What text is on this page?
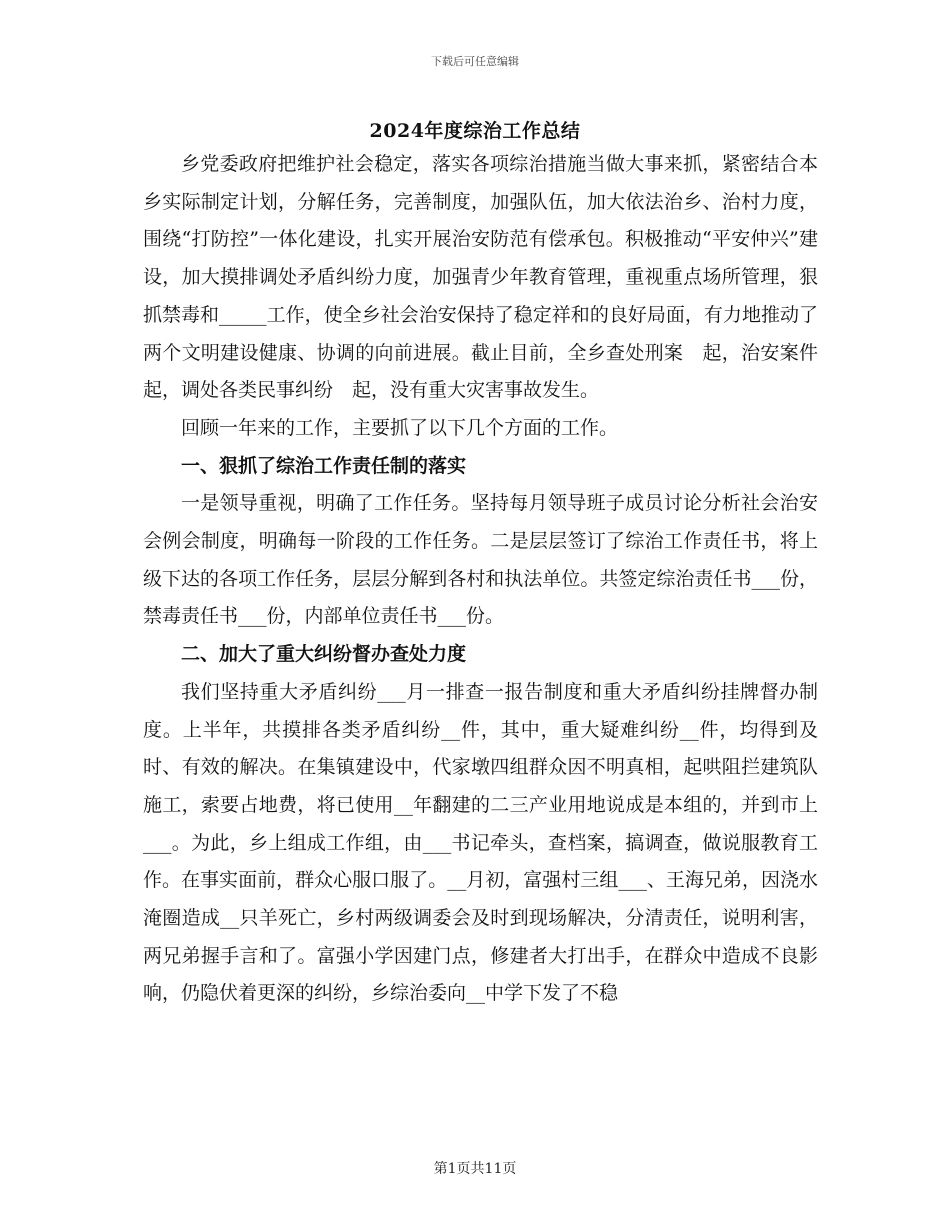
下载后可任意编辑
2024年度综治工作总结

乡党委政府把维护社会稳定，落实各项综治措施当做大事来抓，紧密结合本乡实际制定计划，分解任务，完善制度，加强队伍，加大依法治乡、治村力度，围绕“打防控”一体化建设，扎实开展治安防范有偿承包。积极推动“平安仲兴”建设，加大摸排调处矛盾纠纷力度，加强青少年教育管理，重视重点场所管理，狠抓禁毒和_____工作，使全乡社会治安保持了稳定祥和的良好局面，有力地推动了两个文明建设健康、协调的向前进展。截止目前，全乡查处刑案　起，治安案件　起，调处各类民事纠纷　起，没有重大灾害事故发生。

回顾一年来的工作，主要抓了以下几个方面的工作。

一、狠抓了综治工作责任制的落实

一是领导重视，明确了工作任务。坚持每月领导班子成员讨论分析社会治安会例会制度，明确每一阶段的工作任务。二是层层签订了综治工作责任书，将上级下达的各项工作任务，层层分解到各村和执法单位。共签定综治责任书___份，禁毒责任书___份，内部单位责任书___份。

二、加大了重大纠纷督办查处力度

我们坚持重大矛盾纠纷___月一排查一报告制度和重大矛盾纠纷挂牌督办制度。上半年，共摸排各类矛盾纠纷__件，其中，重大疑难纠纷__件，均得到及时、有效的解决。在集镇建设中，代家墩四组群众因不明真相，起哄阻拦建筑队施工，索要占地费，将已使用__年翻建的二三产业用地说成是本组的，并到市上___。为此，乡上组成工作组，由___书记牵头，查档案，搞调查，做说服教育工作。在事实面前，群众心服口服了。__月初，富强村三组___、王海兄弟，因浇水淹圈造成__只羊死亡，乡村两级调委会及时到现场解决，分清责任，说明利害，两兄弟握手言和了。富强小学因建门点，修建者大打出手，在群众中造成不良影响，仍隐伏着更深的纠纷，乡综治委向__中学下发了不稳

第1页共11页
